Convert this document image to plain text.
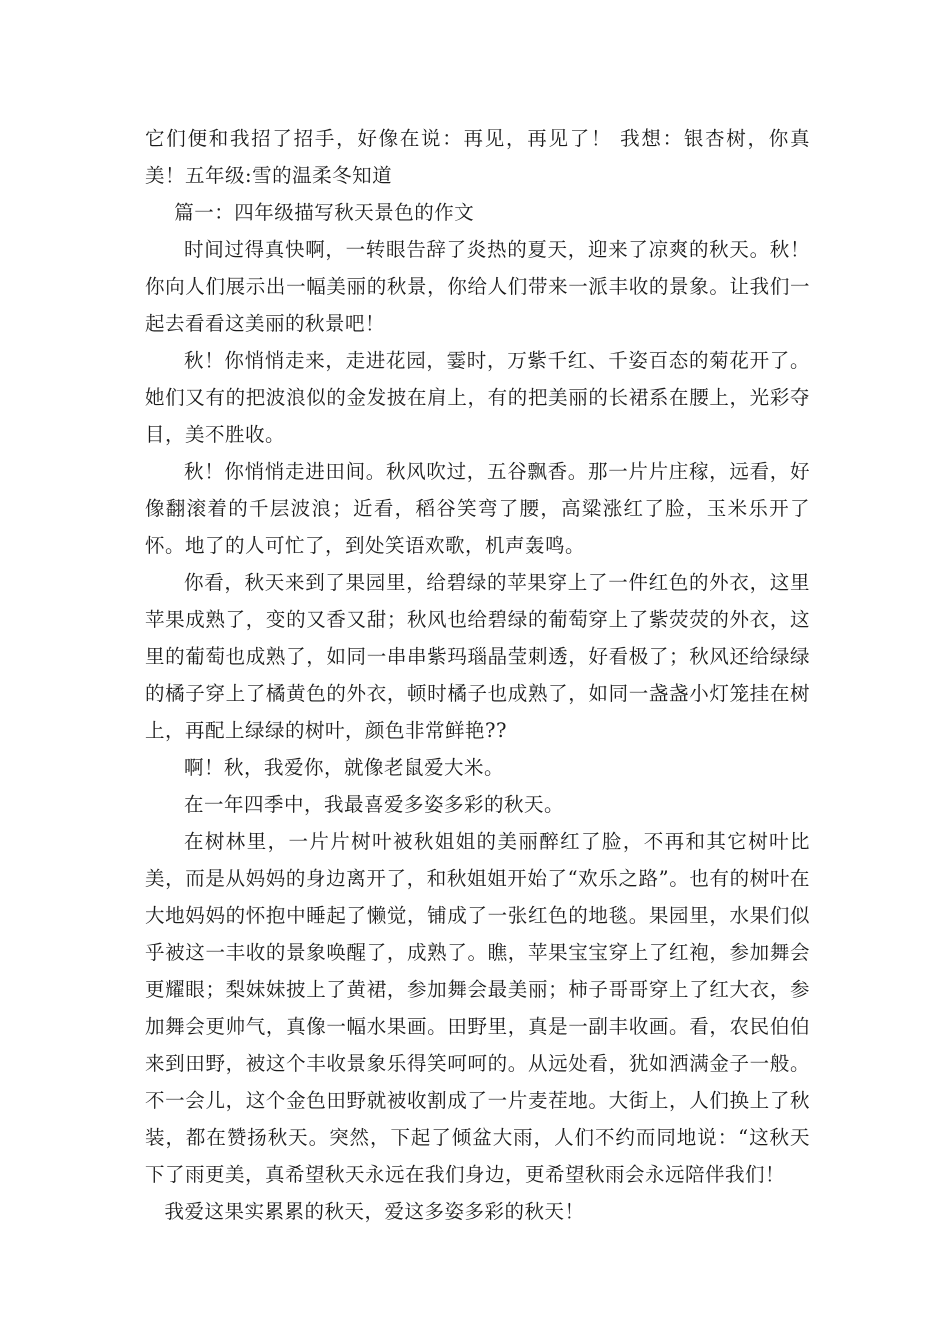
它们便和我招了招手，好像在说：再见，再见了！ 我想：银杏树，你真美！五年级:雪的温柔冬知道

篇一：四年级描写秋天景色的作文

时间过得真快啊，一转眼告辞了炎热的夏天，迎来了凉爽的秋天。秋！你向人们展示出一幅美丽的秋景，你给人们带来一派丰收的景象。让我们一起去看看这美丽的秋景吧！

秋！你悄悄走来，走进花园，霎时，万紫千红、千姿百态的菊花开了。她们又有的把波浪似的金发披在肩上，有的把美丽的长裙系在腰上，光彩夺目，美不胜收。

秋！你悄悄走进田间。秋风吹过，五谷飘香。那一片片庄稼，远看，好像翻滚着的千层波浪；近看，稻谷笑弯了腰，高粱涨红了脸，玉米乐开了怀。地了的人可忙了，到处笑语欢歌，机声轰鸣。

你看，秋天来到了果园里，给碧绿的苹果穿上了一件红色的外衣，这里苹果成熟了，变的又香又甜；秋风也给碧绿的葡萄穿上了紫荧荧的外衣，这里的葡萄也成熟了，如同一串串紫玛瑙晶莹刺透，好看极了；秋风还给绿绿的橘子穿上了橘黄色的外衣，顿时橘子也成熟了，如同一盏盏小灯笼挂在树上，再配上绿绿的树叶，颜色非常鲜艳??

啊！秋，我爱你，就像老鼠爱大米。

在一年四季中，我最喜爱多姿多彩的秋天。

在树林里，一片片树叶被秋姐姐的美丽醉红了脸，不再和其它树叶比美，而是从妈妈的身边离开了，和秋姐姐开始了“欢乐之路”。也有的树叶在大地妈妈的怀抱中睡起了懒觉，铺成了一张红色的地毯。果园里，水果们似乎被这一丰收的景象唤醒了，成熟了。瞧，苹果宝宝穿上了红袍，参加舞会更耀眼；梨妹妹披上了黄裙，参加舞会最美丽；柿子哥哥穿上了红大衣，参加舞会更帅气，真像一幅水果画。田野里，真是一副丰收画。看，农民伯伯来到田野，被这个丰收景象乐得笑呵呵的。从远处看，犹如洒满金子一般。不一会儿，这个金色田野就被收割成了一片麦茬地。大街上，人们换上了秋装，都在赞扬秋天。突然，下起了倾盆大雨，人们不约而同地说：“这秋天下了雨更美，真希望秋天永远在我们身边，更希望秋雨会永远陪伴我们！

我爱这果实累累的秋天，爱这多姿多彩的秋天！
